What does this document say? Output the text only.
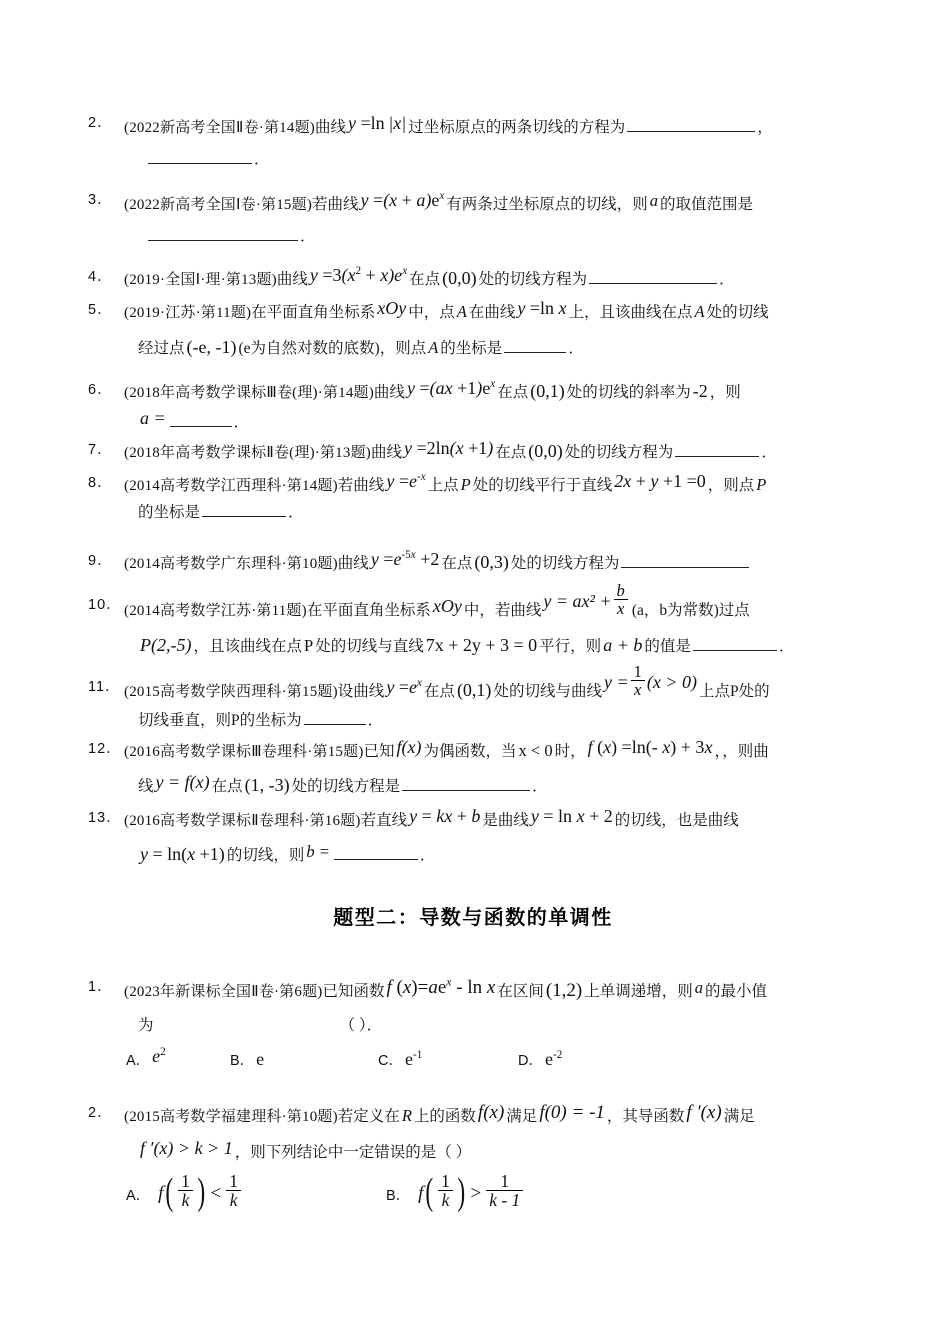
2． (2022新高考全国Ⅱ卷·第14题)曲线 y =ln |x| 过坐标原点的两条切线的方程为	，
．
3． (2022新高考全国Ⅰ卷·第15题)若曲线 $y =(x + a)e^x$ 有两条过坐标原点的切线，则 a 的取值范围是
．
4． (2019·全国Ⅰ·理·第13题)曲线 $y =3(x^2 + x)e^x$ 在点 (0,0) 处的切线方程为	．
5． (2019·江苏·第11题)在平面直角坐标系 xOy 中，点 A 在曲线 y =ln x 上，且该曲线在点 A 处的切线
经过点 (-e, -1) (e为自然对数的底数)，则点 A 的坐标是	．
6． (2018年高考数学课标Ⅲ卷(理)·第14题)曲线 $y =(ax +1)e^x$ 在点 (0,1) 处的切线的斜率为 -2 ，则
a =	．
7． (2018年高考数学课标Ⅱ卷(理)·第13题)曲线 y =2ln(x +1) 在点 (0,0) 处的切线方程为	．
8． (2014高考数学江西理科·第14题)若曲线 $y =e^{-x}$ 上点 P 处的切线平行于直线 2x + y +1 =0 ，则点 P
的坐标是	．
9． (2014高考数学广东理科·第10题)曲线 $y =e^{-5x} +2$ 在点 (0,3) 处的切线方程为
10． (2014高考数学江苏·第11题)在平面直角坐标系 xOy 中，若曲线 $y = ax^2 + \frac{b}{x} (a$，b为常数)过点
P(2,-5) ，且该曲线在点 P 处的切线与直线 7x + 2y + 3 = 0 平行，则 a + b 的值是	．
11． (2015高考数学陕西理科·第15题)设曲线 $y =e^x$ 在点 (0,1) 处的切线与曲线 $y = \frac{1}{x} (x > 0)$ 上点P处的
切线垂直，则P的坐标为	．
12． (2016高考数学课标Ⅲ卷理科·第15题)已知 f(x) 为偶函数，当 x < 0 时， f (x) =ln(- x) + 3x ，，则曲
线 y = f(x) 在点 (1, -3) 处的切线方程是	．
13． (2016高考数学课标Ⅱ卷理科·第16题)若直线 y = kx + b 是曲线 y = ln x + 2 的切线，也是曲线
y = ln(x +1) 的切线，则 b =	．
题型二：导数与函数的单调性
1． (2023年新课标全国Ⅱ卷·第6题)已知函数 f $(x)=ae^x - \ln x$ 在区间 (1,2) 上单调递增，则 a 的最小值
为	（ ）．
A． $e^2$
B． e	C． $e^{-1}$	D． $e^{-2}$
2． (2015高考数学福建理科·第10题)若定义在 R 上的函数 f(x) 满足 f(0) = -1 ，其导函数 f ′(x) 满足
f ′(x) > k > 1 ，则下列结论中一定错误的是（ ）
A． f ( $\frac{1}{k}$ ) < $\frac{1}{k}$	B． f ( $\frac{1}{k}$ ) > $\frac{1}{k - 1}$
